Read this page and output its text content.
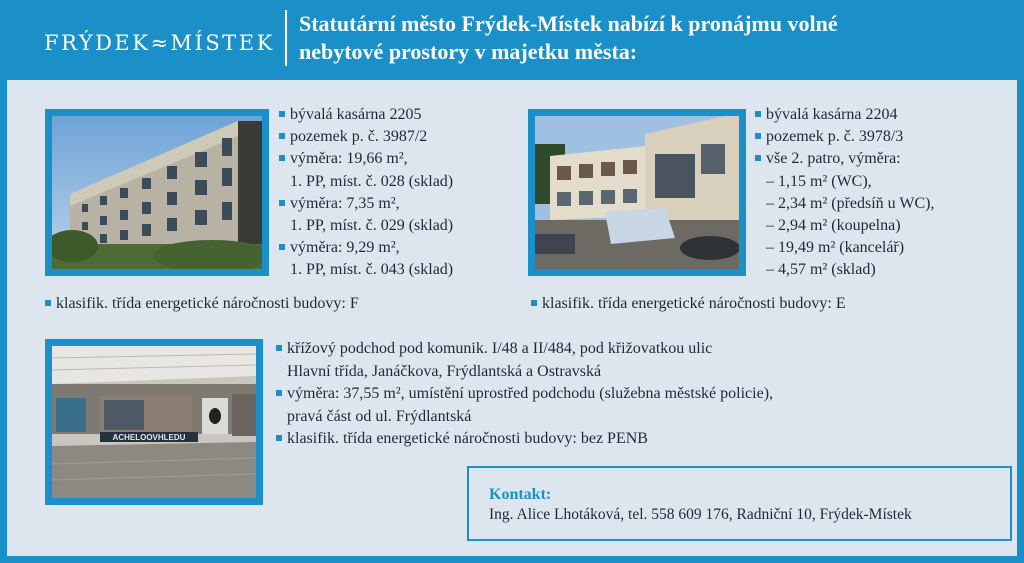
FRÝDEK≈MÍSTEK
Statutární město Frýdek-Místek nabízí k pronájmu volné
nebytové prostory v majetku města:
bývalá kasárna 2205
pozemek p. č. 3987/2
výměra: 19,66 m²,
1. PP, míst. č. 028 (sklad)
výměra: 7,35 m²,
1. PP, míst. č. 029 (sklad)
výměra: 9,29 m²,
1. PP, míst. č. 043 (sklad)
klasifik. třída energetické náročnosti budovy: F
bývalá kasárna 2204
pozemek p. č. 3978/3
vše 2. patro, výměra:
– 1,15 m² (WC),
– 2,34 m² (předsíň u WC),
– 2,94 m² (koupelna)
– 19,49 m² (kancelář)
– 4,57 m² (sklad)
klasifik. třída energetické náročnosti budovy: E
ACHELOOVHLEDU
křížový podchod pod komunik. I/48 a II/484, pod křižovatkou ulic
Hlavní třída, Janáčkova, Frýdlantská a Ostravská
výměra: 37,55 m², umístění uprostřed podchodu (služebna městské policie),
pravá část od ul. Frýdlantská
klasifik. třída energetické náročnosti budovy: bez PENB
Kontakt:
Ing. Alice Lhotáková, tel. 558 609 176, Radniční 10, Frýdek-Místek
